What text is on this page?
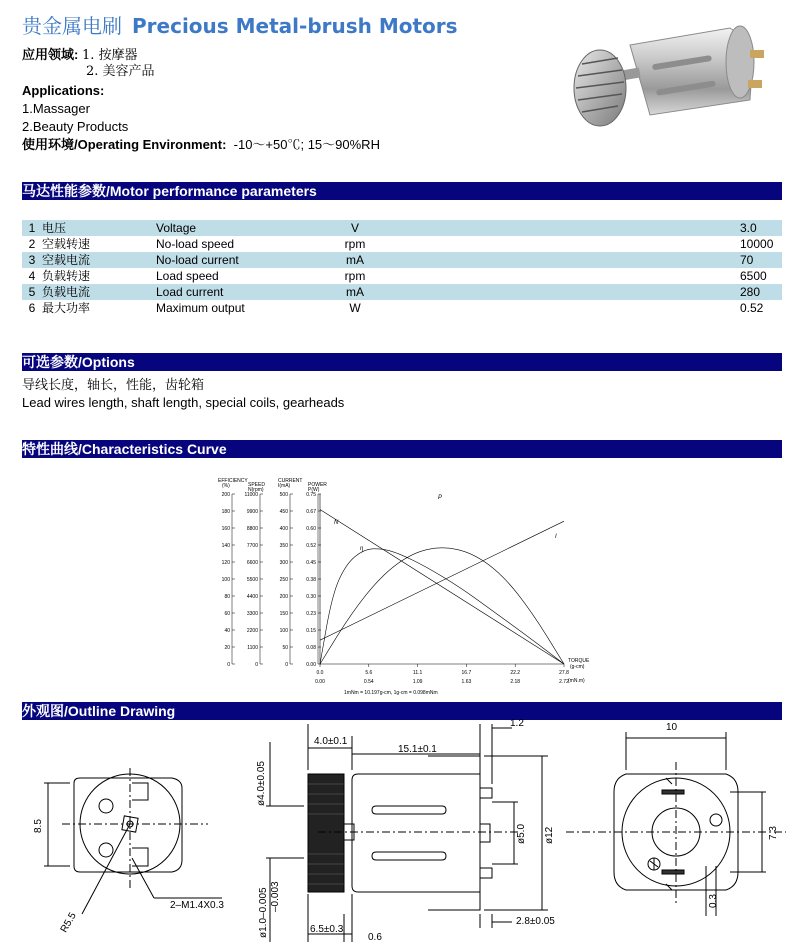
贵金属电刷 Precious Metal-brush Motors
应用领域: 1. 按摩器
2. 美容产品
Applications:
1.Massager
2.Beauty Products
使用环境/Operating Environment: -10～+50℃; 15～90%RH
马达性能参数/Motor performance parameters
1	电压	Voltage	V		3.0
2	空载转速	No-load speed	rpm		10000
3	空载电流	No-load current	mA		70
4	负载转速	Load speed	rpm		6500
5	负载电流	Load current	mA		280
6	最大功率	Maximum output	W		0.52
可选参数/Options
导线长度，轴长，性能，齿轮箱
Lead wires length, shaft length, special coils, gearheads
特性曲线/Characteristics Curve
EFFICIENCY
(%)	SPEED
N(rpm)
CURRENT
I(mA)	POWER
P(W)
200
180
160
140
120
100
80
60
40
20
0
11000
9900
8800
7700
6600
5500
4400
3300
2200
1100
0
500
450
400
350
300
250
200
150
100
50
0
0.75
0.67
0.60
0.52
0.45
0.38
0.30
0.23
0.15
0.08
0.00
0.0
0.00
5.6
0.54
11.1
1.09
16.7
1.63
22.2
2.18
27.8
2.72
TORQUE
(g-cm)
(mN.m)
1mNm = 10.197g-cm, 1g-cm = 0.098mNm
P
N
I
η
外观图/Outline Drawing
8.5
R5.5
2–M1.4X0.3
4.0±0.1
15.1±0.1
1.2
ø4.0±0.05
ø5.0 ø12
ø1.0–0.005 –0.003
2.8±0.05
6.5±0.3
0.6
10
7.3
0.3
